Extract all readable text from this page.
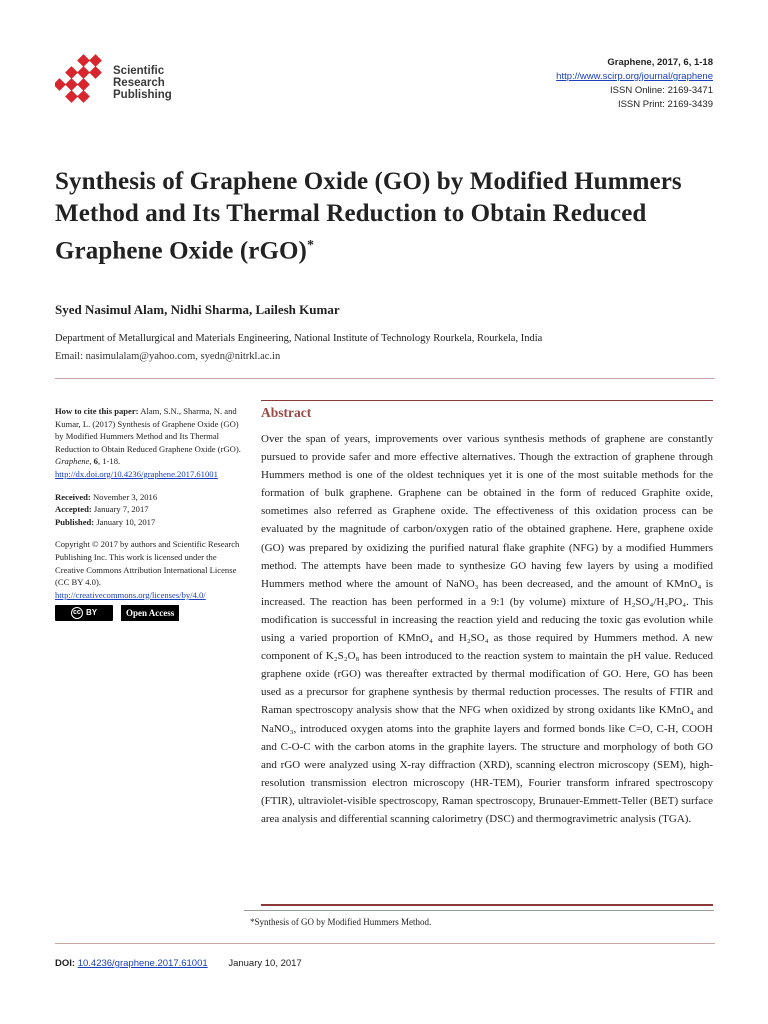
Scientific
Research
Publishing
Graphene, 2017, 6, 1-18
http://www.scirp.org/journal/graphene
ISSN Online: 2169-3471
ISSN Print: 2169-3439
Synthesis of Graphene Oxide (GO) by Modified Hummers Method and Its Thermal Reduction to Obtain Reduced Graphene Oxide (rGO)*
Syed Nasimul Alam, Nidhi Sharma, Lailesh Kumar
Department of Metallurgical and Materials Engineering, National Institute of Technology Rourkela, Rourkela, India
Email: nasimulalam@yahoo.com, syedn@nitrkl.ac.in
How to cite this paper: Alam, S.N., Sharma, N. and Kumar, L. (2017) Synthesis of Graphene Oxide (GO) by Modified Hummers Method and Its Thermal Reduction to Obtain Reduced Graphene Oxide (rGO). Graphene, 6, 1-18.
http://dx.doi.org/10.4236/graphene.2017.61001
Received: November 3, 2016
Accepted: January 7, 2017
Published: January 10, 2017
Copyright © 2017 by authors and Scientific Research Publishing Inc. This work is licensed under the Creative Commons Attribution International License (CC BY 4.0).
http://creativecommons.org/licenses/by/4.0/
cc BY	Open Access
Abstract
Over the span of years, improvements over various synthesis methods of graphene are constantly pursued to provide safer and more effective alternatives. Though the extraction of graphene through Hummers method is one of the oldest techniques yet it is one of the most suitable methods for the formation of bulk graphene. Graphene can be obtained in the form of reduced Graphite oxide, sometimes also referred as Graphene oxide. The effectiveness of this oxidation process can be evaluated by the magnitude of carbon/oxygen ratio of the obtained graphene. Here, graphene oxide (GO) was prepared by oxidizing the purified natural flake graphite (NFG) by a modified Hummers method. The attempts have been made to synthesize GO having few layers by using a modified Hummers method where the amount of NaNO₃ has been decreased, and the amount of KMnO₄ is increased. The reaction has been performed in a 9:1 (by volume) mixture of H₂SO₄/H₃PO₄. This modification is successful in increasing the reaction yield and reducing the toxic gas evolution while using a varied proportion of KMnO₄ and H₂SO₄ as those required by Hummers method. A new component of K₂S₂O₈ has been introduced to the reaction system to maintain the pH value. Reduced graphene oxide (rGO) was thereafter extracted by thermal modification of GO. Here, GO has been used as a precursor for graphene synthesis by thermal reduction processes. The results of FTIR and Raman spectroscopy analysis show that the NFG when oxidized by strong oxidants like KMnO₄ and NaNO₃, introduced oxygen atoms into the graphite layers and formed bonds like C=O, C-H, COOH and C-O-C with the carbon atoms in the graphite layers. The structure and morphology of both GO and rGO were analyzed using X-ray diffraction (XRD), scanning electron microscopy (SEM), high-resolution transmission electron microscopy (HR-TEM), Fourier transform infrared spectroscopy (FTIR), ultraviolet-visible spectroscopy, Raman spectroscopy, Brunauer-Emmett-Teller (BET) surface area analysis and differential scanning calorimetry (DSC) and thermogravimetric analysis (TGA).
*Synthesis of GO by Modified Hummers Method.
DOI: 10.4236/graphene.2017.61001 January 10, 2017
